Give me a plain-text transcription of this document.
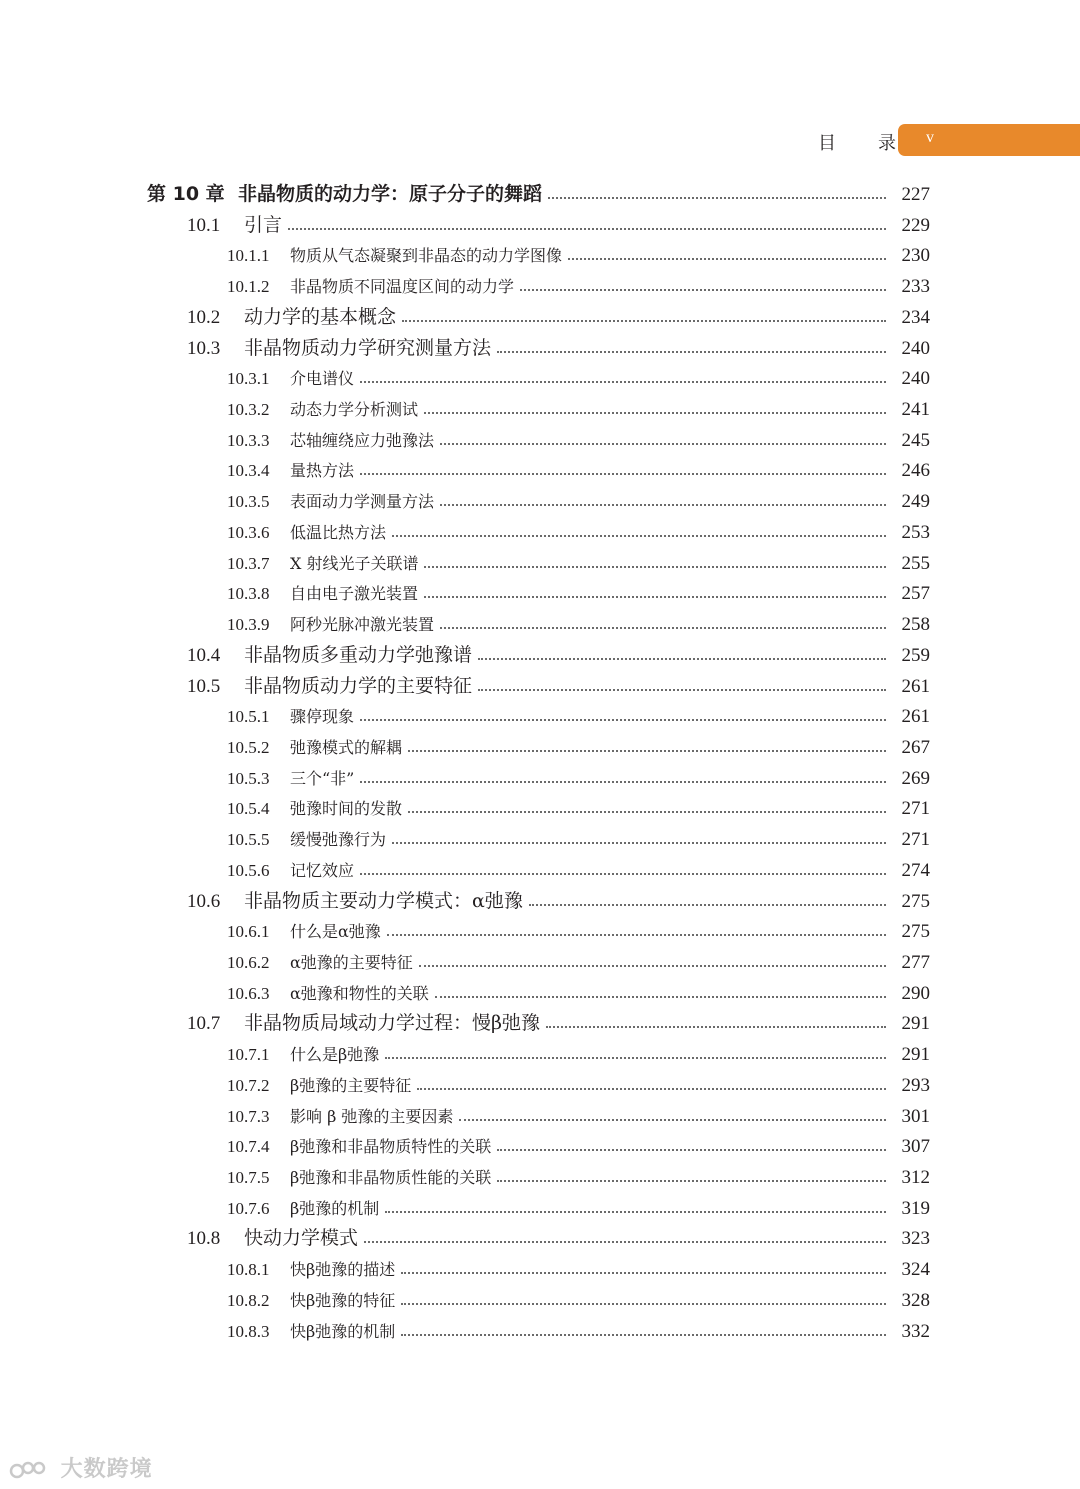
目 录 v
第 10 章 非晶物质的动力学：原子分子的舞蹈	227
10.1 引言	229
10.1.1 物质从气态凝聚到非晶态的动力学图像	230
10.1.2 非晶物质不同温度区间的动力学	233
10.2 动力学的基本概念	234
10.3 非晶物质动力学研究测量方法	240
10.3.1 介电谱仪	240
10.3.2 动态力学分析测试	241
10.3.3 芯轴缠绕应力弛豫法	245
10.3.4 量热方法	246
10.3.5 表面动力学测量方法	249
10.3.6 低温比热方法	253
10.3.7 X 射线光子关联谱	255
10.3.8 自由电子激光装置	257
10.3.9 阿秒光脉冲激光装置	258
10.4 非晶物质多重动力学弛豫谱	259
10.5 非晶物质动力学的主要特征	261
10.5.1 骤停现象	261
10.5.2 弛豫模式的解耦	267
10.5.3 三个“非”	269
10.5.4 弛豫时间的发散	271
10.5.5 缓慢弛豫行为	271
10.5.6 记忆效应	274
10.6 非晶物质主要动力学模式：α弛豫	275
10.6.1 什么是α弛豫	275
10.6.2 α弛豫的主要特征	277
10.6.3 α弛豫和物性的关联	290
10.7 非晶物质局域动力学过程：慢β弛豫	291
10.7.1 什么是β弛豫	291
10.7.2 β弛豫的主要特征	293
10.7.3 影响 β 弛豫的主要因素	301
10.7.4 β弛豫和非晶物质特性的关联	307
10.7.5 β弛豫和非晶物质性能的关联	312
10.7.6 β弛豫的机制	319
10.8 快动力学模式	323
10.8.1 快β弛豫的描述	324
10.8.2 快β弛豫的特征	328
10.8.3 快β弛豫的机制	332
大数跨境
